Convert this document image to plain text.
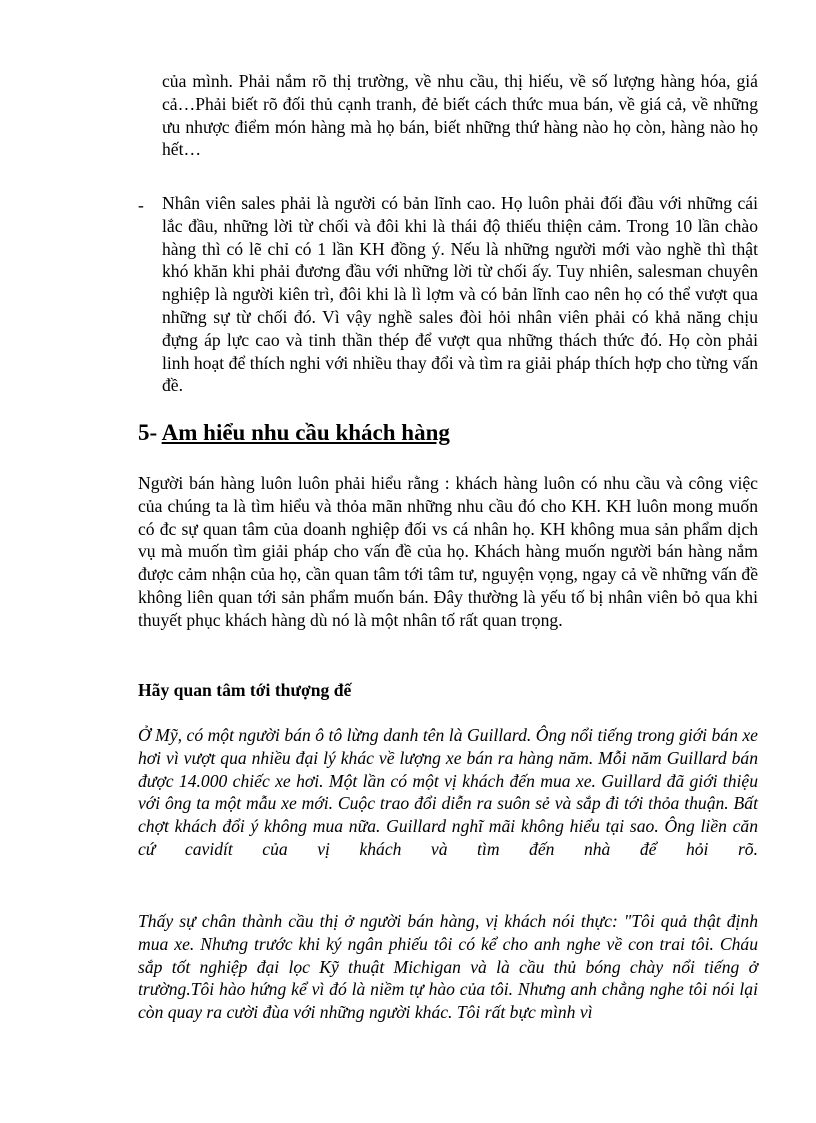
của mình. Phải nắm rõ thị trường, về nhu cầu, thị hiếu, về số lượng hàng hóa, giá cả…Phải biết rõ đối thủ cạnh tranh, đẻ biết cách thức mua bán, về giá cả, về những ưu nhược điểm món hàng mà họ bán, biết những thứ hàng nào họ còn, hàng nào họ hết…

- Nhân viên sales phải là người có bản lĩnh cao. Họ luôn phải đối đầu với những cái lắc đầu, những lời từ chối và đôi khi là thái độ thiếu thiện cảm. Trong 10 lần chào hàng thì có lẽ chỉ có 1 lần KH đồng ý. Nếu là những người mới vào nghề thì thật khó khăn khi phải đương đầu với những lời từ chối ấy. Tuy nhiên, salesman chuyên nghiệp là người kiên trì, đôi khi là lì lợm và có bản lĩnh cao nên họ có thể vượt qua những sự từ chối đó. Vì vậy nghề sales đòi hỏi nhân viên phải có khả năng chịu đựng áp lực cao và tinh thần thép để vượt qua những thách thức đó. Họ còn phải linh hoạt để thích nghi với nhiều thay đổi và tìm ra giải pháp thích hợp cho từng vấn đề.

5- Am hiểu nhu cầu khách hàng

Người bán hàng luôn luôn phải hiểu rằng : khách hàng luôn có nhu cầu và công việc của chúng ta là tìm hiểu và thỏa mãn những nhu cầu đó cho KH. KH luôn mong muốn có đc sự quan tâm của doanh nghiệp đối vs cá nhân họ. KH không mua sản phẩm dịch vụ mà muốn tìm giải pháp cho vấn đề của họ. Khách hàng muốn người bán hàng nắm được cảm nhận của họ, cần quan tâm tới tâm tư, nguyện vọng, ngay cả về những vấn đề không liên quan tới sản phẩm muốn bán. Đây thường là yếu tố bị nhân viên bỏ qua khi thuyết phục khách hàng dù nó là một nhân tố rất quan trọng.

Hãy quan tâm tới thượng đế

Ở Mỹ, có một người bán ô tô lừng danh tên là Guillard. Ông nổi tiếng trong giới bán xe hơi vì vượt qua nhiều đại lý khác về lượng xe bán ra hàng năm. Mỗi năm Guillard bán được 14.000 chiếc xe hơi. Một lần có một vị khách đến mua xe. Guillard đã giới thiệu với ông ta một mẫu xe mới. Cuộc trao đổi diễn ra suôn sẻ và sắp đi tới thỏa thuận. Bất chợt khách đổi ý không mua nữa. Guillard nghĩ mãi không hiểu tại sao. Ông liền căn cứ cavidít của vị khách và tìm đến nhà để hỏi rõ.

Thấy sự chân thành cầu thị ở người bán hàng, vị khách nói thực: "Tôi quả thật định mua xe. Nhưng trước khi ký ngân phiếu tôi có kể cho anh nghe về con trai tôi. Cháu sắp tốt nghiệp đại lọc Kỹ thuật Michigan và là cầu thủ bóng chày nổi tiếng ở trường.Tôi hào hứng kể vì đó là niềm tự hào của tôi. Nhưng anh chẳng nghe tôi nói lại còn quay ra cười đùa với những người khác. Tôi rất bực mình vì
